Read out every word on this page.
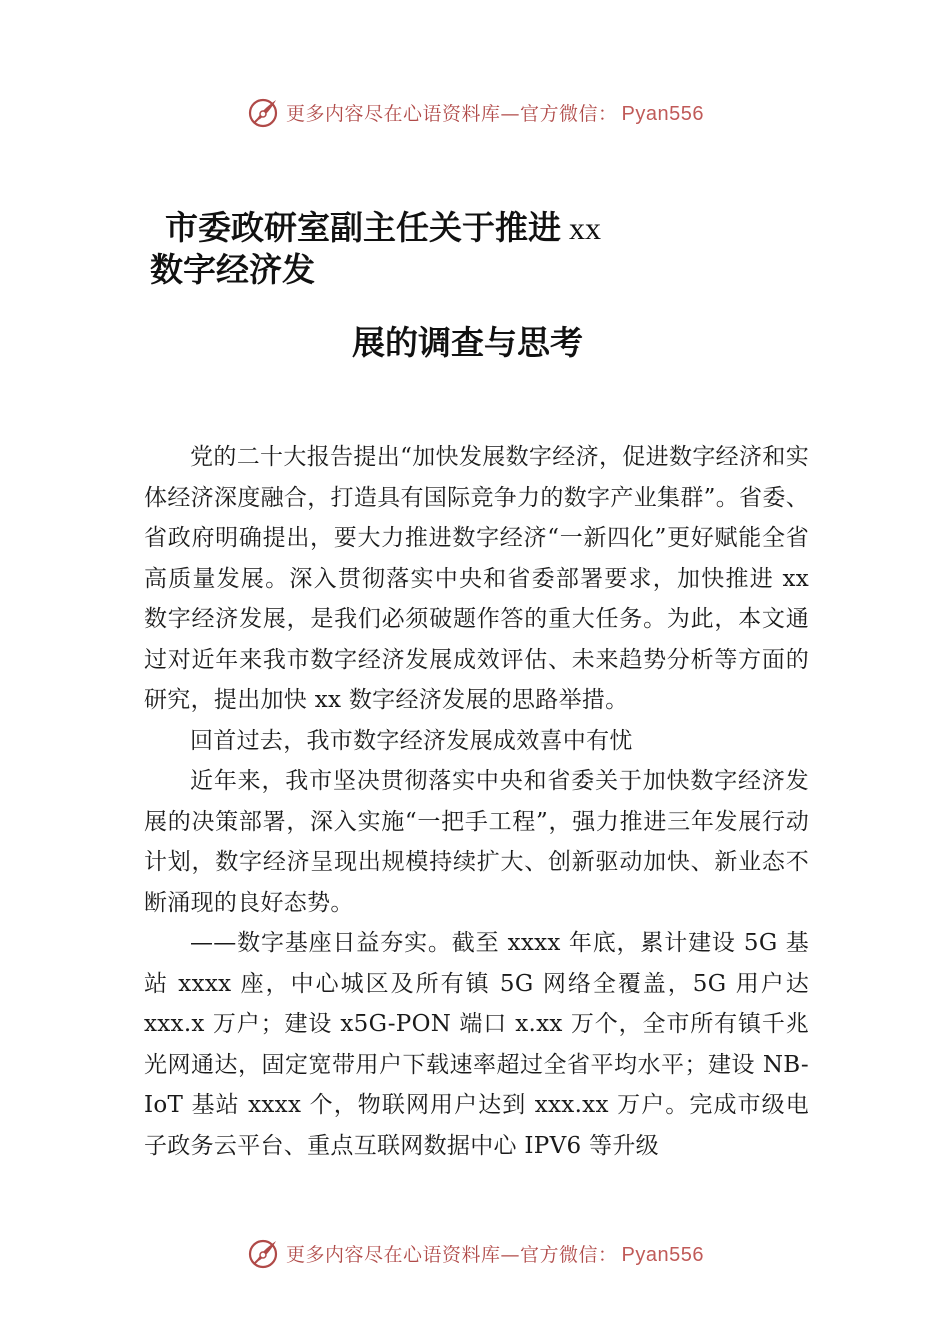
更多内容尽在心语资料库—官方微信： Pyan556
市委政研室副主任关于推进 xx
数字经济发
展的调查与思考

党的二十大报告提出“加快发展数字经济，促进数字经济和实体经济深度融合，打造具有国际竞争力的数字产业集群”。省委、省政府明确提出，要大力推进数字经济“一新四化”更好赋能全省高质量发展。深入贯彻落实中央和省委部署要求，加快推进 xx 数字经济发展，是我们必须破题作答的重大任务。为此，本文通过对近年来我市数字经济发展成效评估、未来趋势分析等方面的研究，提出加快 xx 数字经济发展的思路举措。

回首过去，我市数字经济发展成效喜中有忧

近年来，我市坚决贯彻落实中央和省委关于加快数字经济发展的决策部署，深入实施“一把手工程”，强力推进三年发展行动计划，数字经济呈现出规模持续扩大、创新驱动加快、新业态不断涌现的良好态势。

——数字基座日益夯实。截至 xxxx 年底，累计建设 5G 基站 xxxx 座，中心城区及所有镇 5G 网络全覆盖，5G 用户达 xxx.x 万户；建设 x5G-PON 端口 x.xx 万个，全市所有镇千兆光网通达，固定宽带用户下载速率超过全省平均水平；建设 NB-IoT 基站 xxxx 个，物联网用户达到 xxx.xx 万户。完成市级电子政务云平台、重点互联网数据中心 IPV6 等升级

更多内容尽在心语资料库—官方微信： Pyan556
